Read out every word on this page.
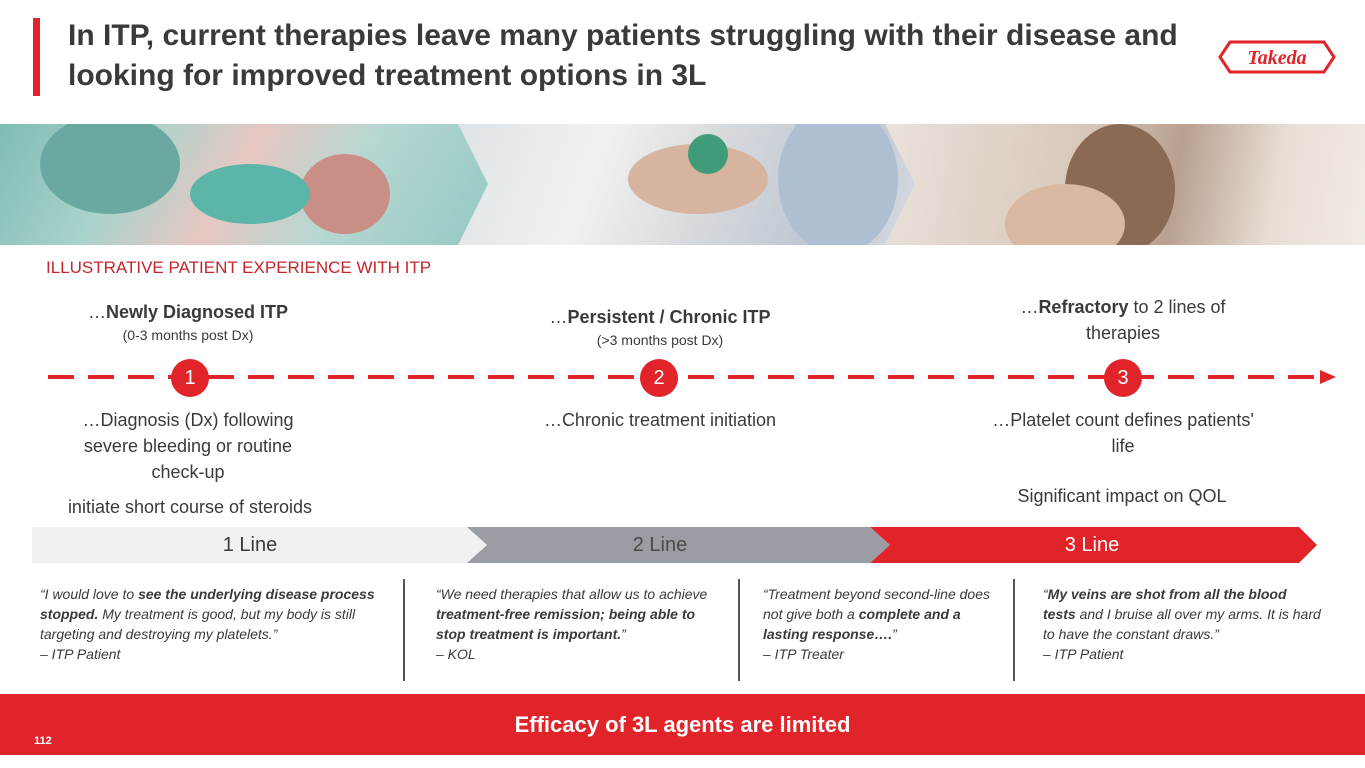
In ITP, current therapies leave many patients struggling with their disease and looking for improved treatment options in 3L
Takeda
ILLUSTRATIVE PATIENT EXPERIENCE WITH ITP
…Newly Diagnosed ITP
(0-3 months post Dx)
…Persistent / Chronic ITP
(>3 months post Dx)
…Refractory to 2 lines of therapies
1	2	3
…Diagnosis (Dx) following severe bleeding or routine check-up
…Chronic treatment initiation	…Platelet count defines patients' life
initiate short course of steroids
Significant impact on QOL
1 Line	2 Line	3 Line
“I would love to see the underlying disease process stopped. My treatment is good, but my body is still targeting and destroying my platelets.”
– ITP Patient
“We need therapies that allow us to achieve treatment-free remission; being able to stop treatment is important.”
– KOL
“Treatment beyond second-line does not give both a complete and a lasting response….”
– ITP Treater
“My veins are shot from all the blood tests and I bruise all over my arms. It is hard to have the constant draws.”
– ITP Patient
Efficacy of 3L agents are limited
112
